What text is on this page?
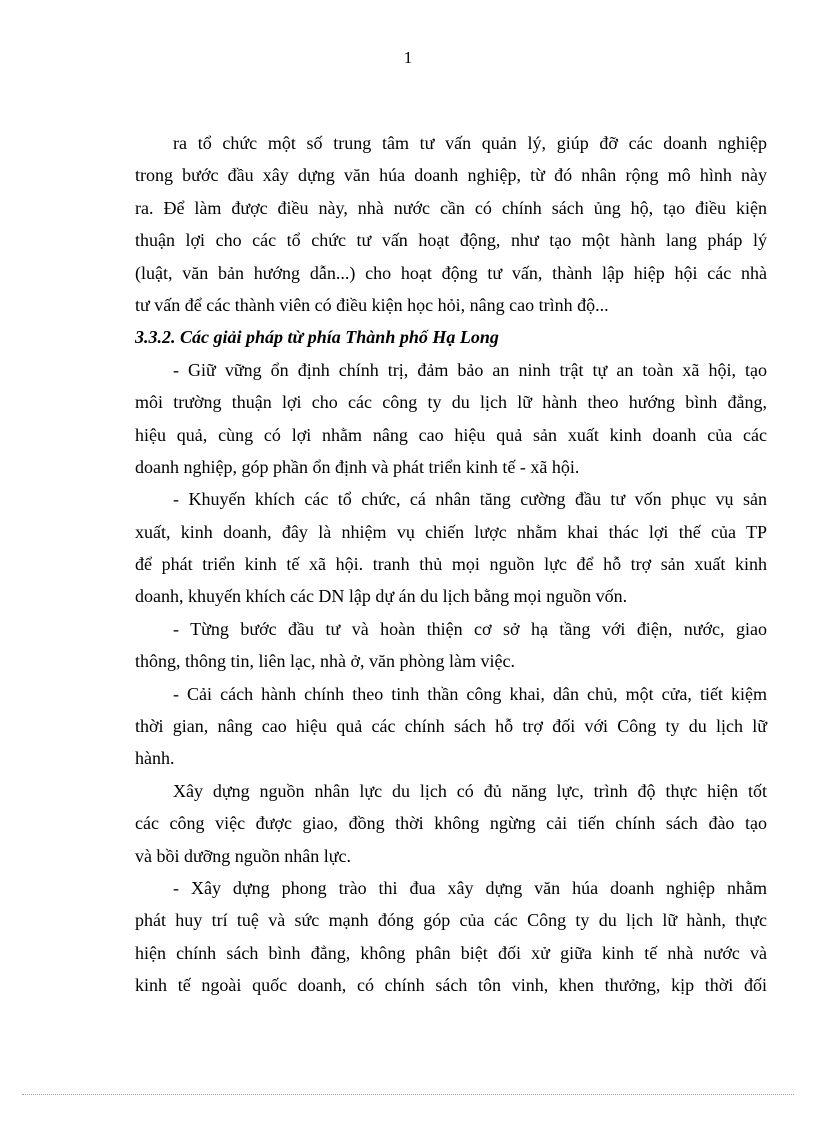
1
ra tổ chức một số trung tâm tư vấn quản lý, giúp đỡ các doanh nghiệp
trong bước đầu xây dựng văn húa doanh nghiệp, từ đó nhân rộng mô hình này
ra. Để làm được điều này, nhà nước cần có chính sách ủng hộ, tạo điều kiện
thuận lợi cho các tổ chức tư vấn hoạt động, như tạo một hành lang pháp lý
(luật, văn bản hướng dẫn...) cho hoạt động tư vấn, thành lập hiệp hội các nhà
tư vấn để các thành viên có điều kiện học hỏi, nâng cao trình độ...
3.3.2. Các giải pháp từ phía Thành phố Hạ Long
- Giữ vững ổn định chính trị, đảm bảo an ninh trật tự an toàn xã hội, tạo
môi trường thuận lợi cho các công ty du lịch lữ hành theo hướng bình đẳng,
hiệu quả, cùng có lợi nhằm nâng cao hiệu quả sản xuất kinh doanh của các
doanh nghiệp, góp phần ổn định và phát triển kinh tế - xã hội.
- Khuyến khích các tổ chức, cá nhân tăng cường đầu tư vốn phục vụ sản
xuất, kinh doanh, đây là nhiệm vụ chiến lược nhằm khai thác lợi thế của TP
để phát triển kinh tế xã hội. tranh thủ mọi nguồn lực để hỗ trợ sản xuất kinh
doanh, khuyến khích các DN lập dự án du lịch bằng mọi nguồn vốn.
- Từng bước đầu tư và hoàn thiện cơ sở hạ tầng với điện, nước, giao
thông, thông tin, liên lạc, nhà ở, văn phòng làm việc.
- Cải cách hành chính theo tinh thần công khai, dân chủ, một cửa, tiết kiệm
thời gian, nâng cao hiệu quả các chính sách hỗ trợ đối với Công ty du lịch lữ
hành.
Xây dựng nguồn nhân lực du lịch có đủ năng lực, trình độ thực hiện tốt
các công việc được giao, đồng thời không ngừng cải tiến chính sách đào tạo
và bồi dưỡng nguồn nhân lực.
- Xây dựng phong trào thi đua xây dựng văn húa doanh nghiệp nhằm
phát huy trí tuệ và sức mạnh đóng góp của các Công ty du lịch lữ hành, thực
hiện chính sách bình đẳng, không phân biệt đối xử giữa kinh tế nhà nước và
kinh tế ngoài quốc doanh, có chính sách tôn vinh, khen thưởng, kịp thời đối
